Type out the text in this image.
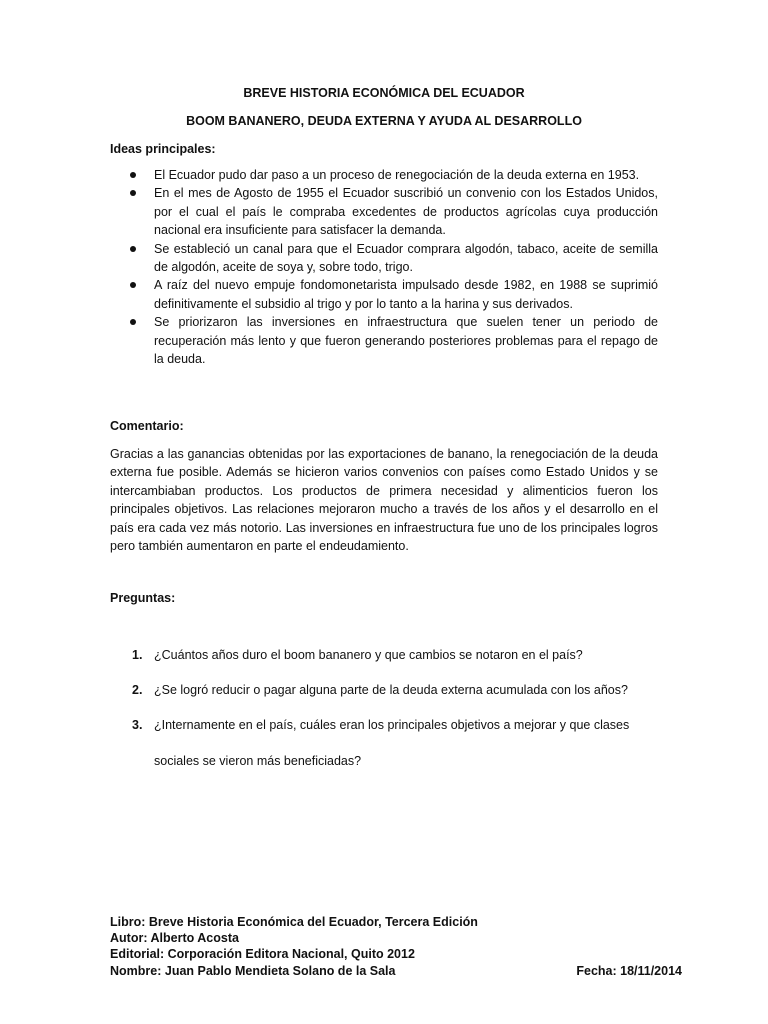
BREVE HISTORIA ECONÓMICA DEL ECUADOR
BOOM BANANERO, DEUDA EXTERNA Y AYUDA AL DESARROLLO
Ideas principales:
El Ecuador pudo dar paso a un proceso de renegociación de la deuda externa en 1953.
En el mes de Agosto de 1955 el Ecuador suscribió un convenio con los Estados Unidos, por el cual el país le compraba excedentes de productos agrícolas cuya producción nacional era insuficiente para satisfacer la demanda.
Se estableció un canal para que el Ecuador comprara algodón, tabaco, aceite de semilla de algodón, aceite de soya y, sobre todo, trigo.
A raíz del nuevo empuje fondomonetarista impulsado desde 1982, en 1988 se suprimió definitivamente el subsidio al trigo y por lo tanto a la harina y sus derivados.
Se priorizaron las inversiones en infraestructura que suelen tener un periodo de recuperación más lento y que fueron generando posteriores problemas para el repago de la deuda.
Comentario:

Gracias a las ganancias obtenidas por las exportaciones de banano, la renegociación de la deuda externa fue posible. Además se hicieron varios convenios con países como Estado Unidos y se intercambiaban productos. Los productos de primera necesidad y alimenticios fueron los principales objetivos. Las relaciones mejoraron mucho a través de los años y el desarrollo en el país era cada vez más notorio. Las inversiones en infraestructura fue uno de los principales logros pero también aumentaron en parte el endeudamiento.

Preguntas:
1. ¿Cuántos años duro el boom bananero y que cambios se notaron en el país?
2. ¿Se logró reducir o pagar alguna parte de la deuda externa acumulada con los años?
3. ¿Internamente en el país, cuáles eran los principales objetivos a mejorar y que clases sociales se vieron más beneficiadas?
Libro: Breve Historia Económica del Ecuador, Tercera Edición
Autor: Alberto Acosta
Editorial: Corporación Editora Nacional, Quito 2012
Nombre: Juan Pablo Mendieta Solano de la Sala	Fecha: 18/11/2014
